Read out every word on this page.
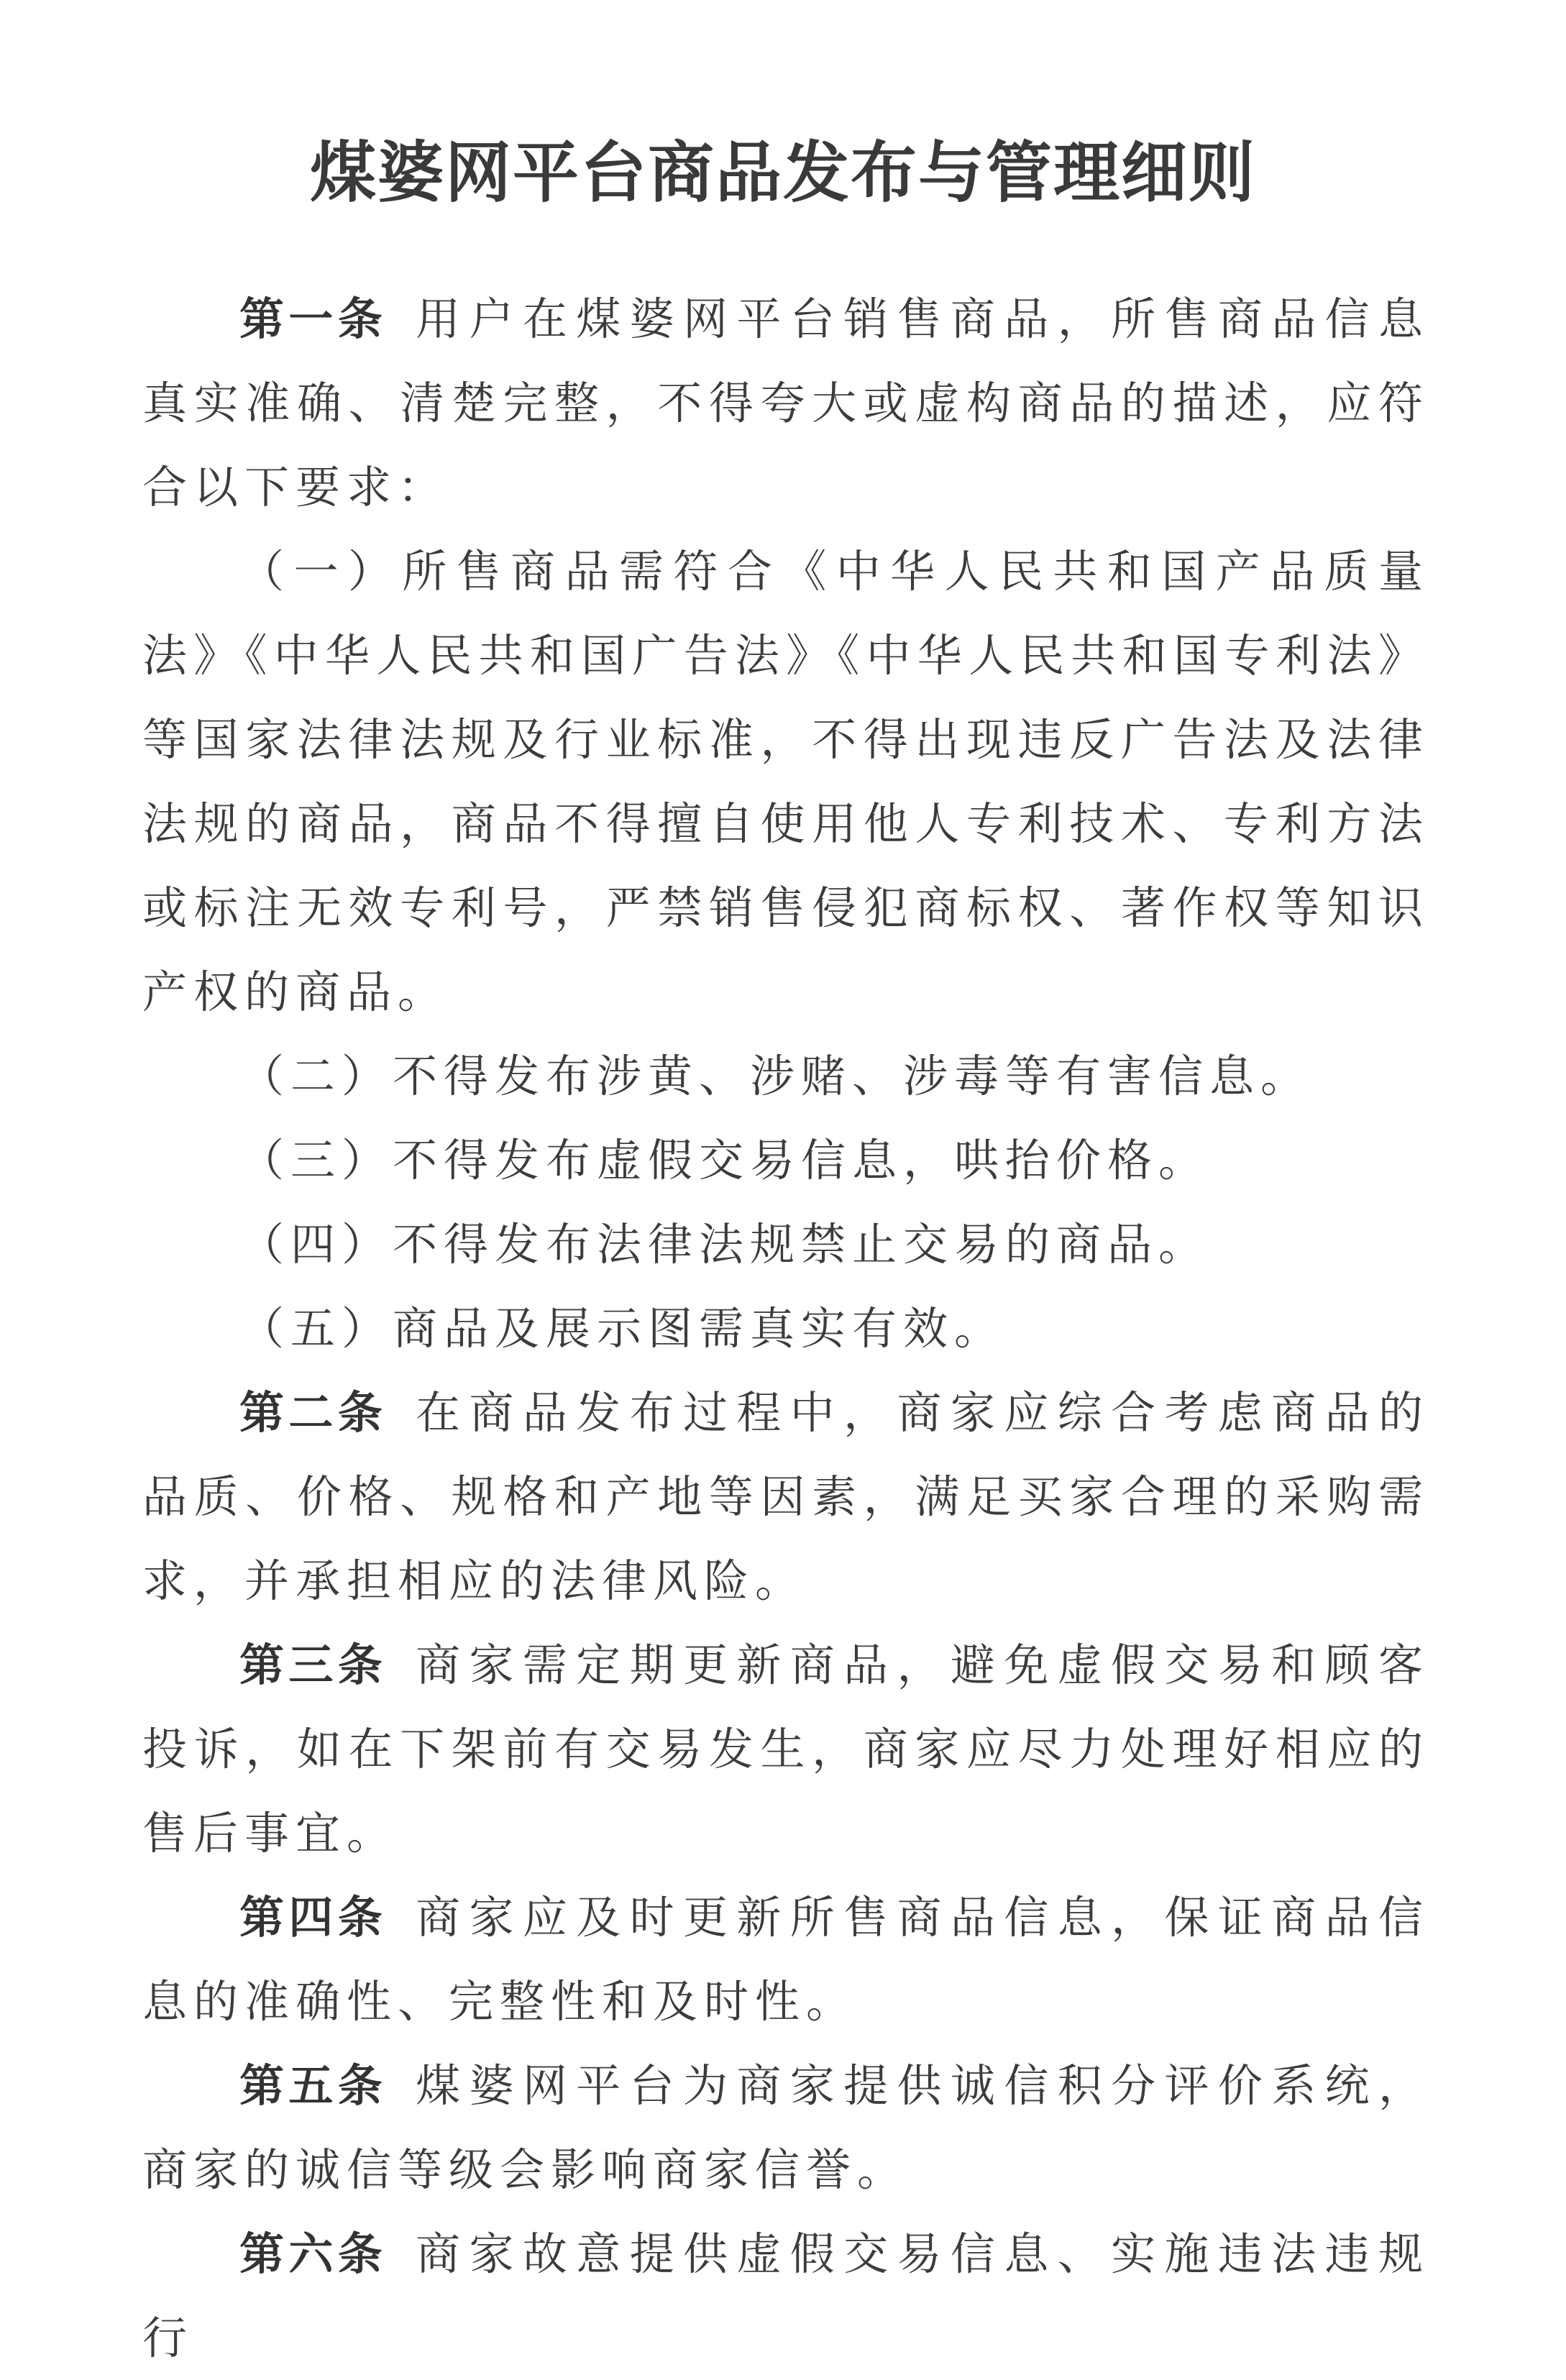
煤婆网平台商品发布与管理细则

第一条 用户在煤婆网平台销售商品，所售商品信息真实准确、清楚完整，不得夸大或虚构商品的描述，应符合以下要求：

（一）所售商品需符合《中华人民共和国产品质量法》《中华人民共和国广告法》《中华人民共和国专利法》等国家法律法规及行业标准，不得出现违反广告法及法律法规的商品，商品不得擅自使用他人专利技术、专利方法或标注无效专利号，严禁销售侵犯商标权、著作权等知识产权的商品。

（二）不得发布涉黄、涉赌、涉毒等有害信息。

（三）不得发布虚假交易信息，哄抬价格。

（四）不得发布法律法规禁止交易的商品。

（五）商品及展示图需真实有效。

第二条 在商品发布过程中，商家应综合考虑商品的品质、价格、规格和产地等因素，满足买家合理的采购需求，并承担相应的法律风险。

第三条 商家需定期更新商品，避免虚假交易和顾客投诉，如在下架前有交易发生，商家应尽力处理好相应的售后事宜。

第四条 商家应及时更新所售商品信息，保证商品信息的准确性、完整性和及时性。

第五条 煤婆网平台为商家提供诚信积分评价系统，商家的诚信等级会影响商家信誉。

第六条 商家故意提供虚假交易信息、实施违法违规行
